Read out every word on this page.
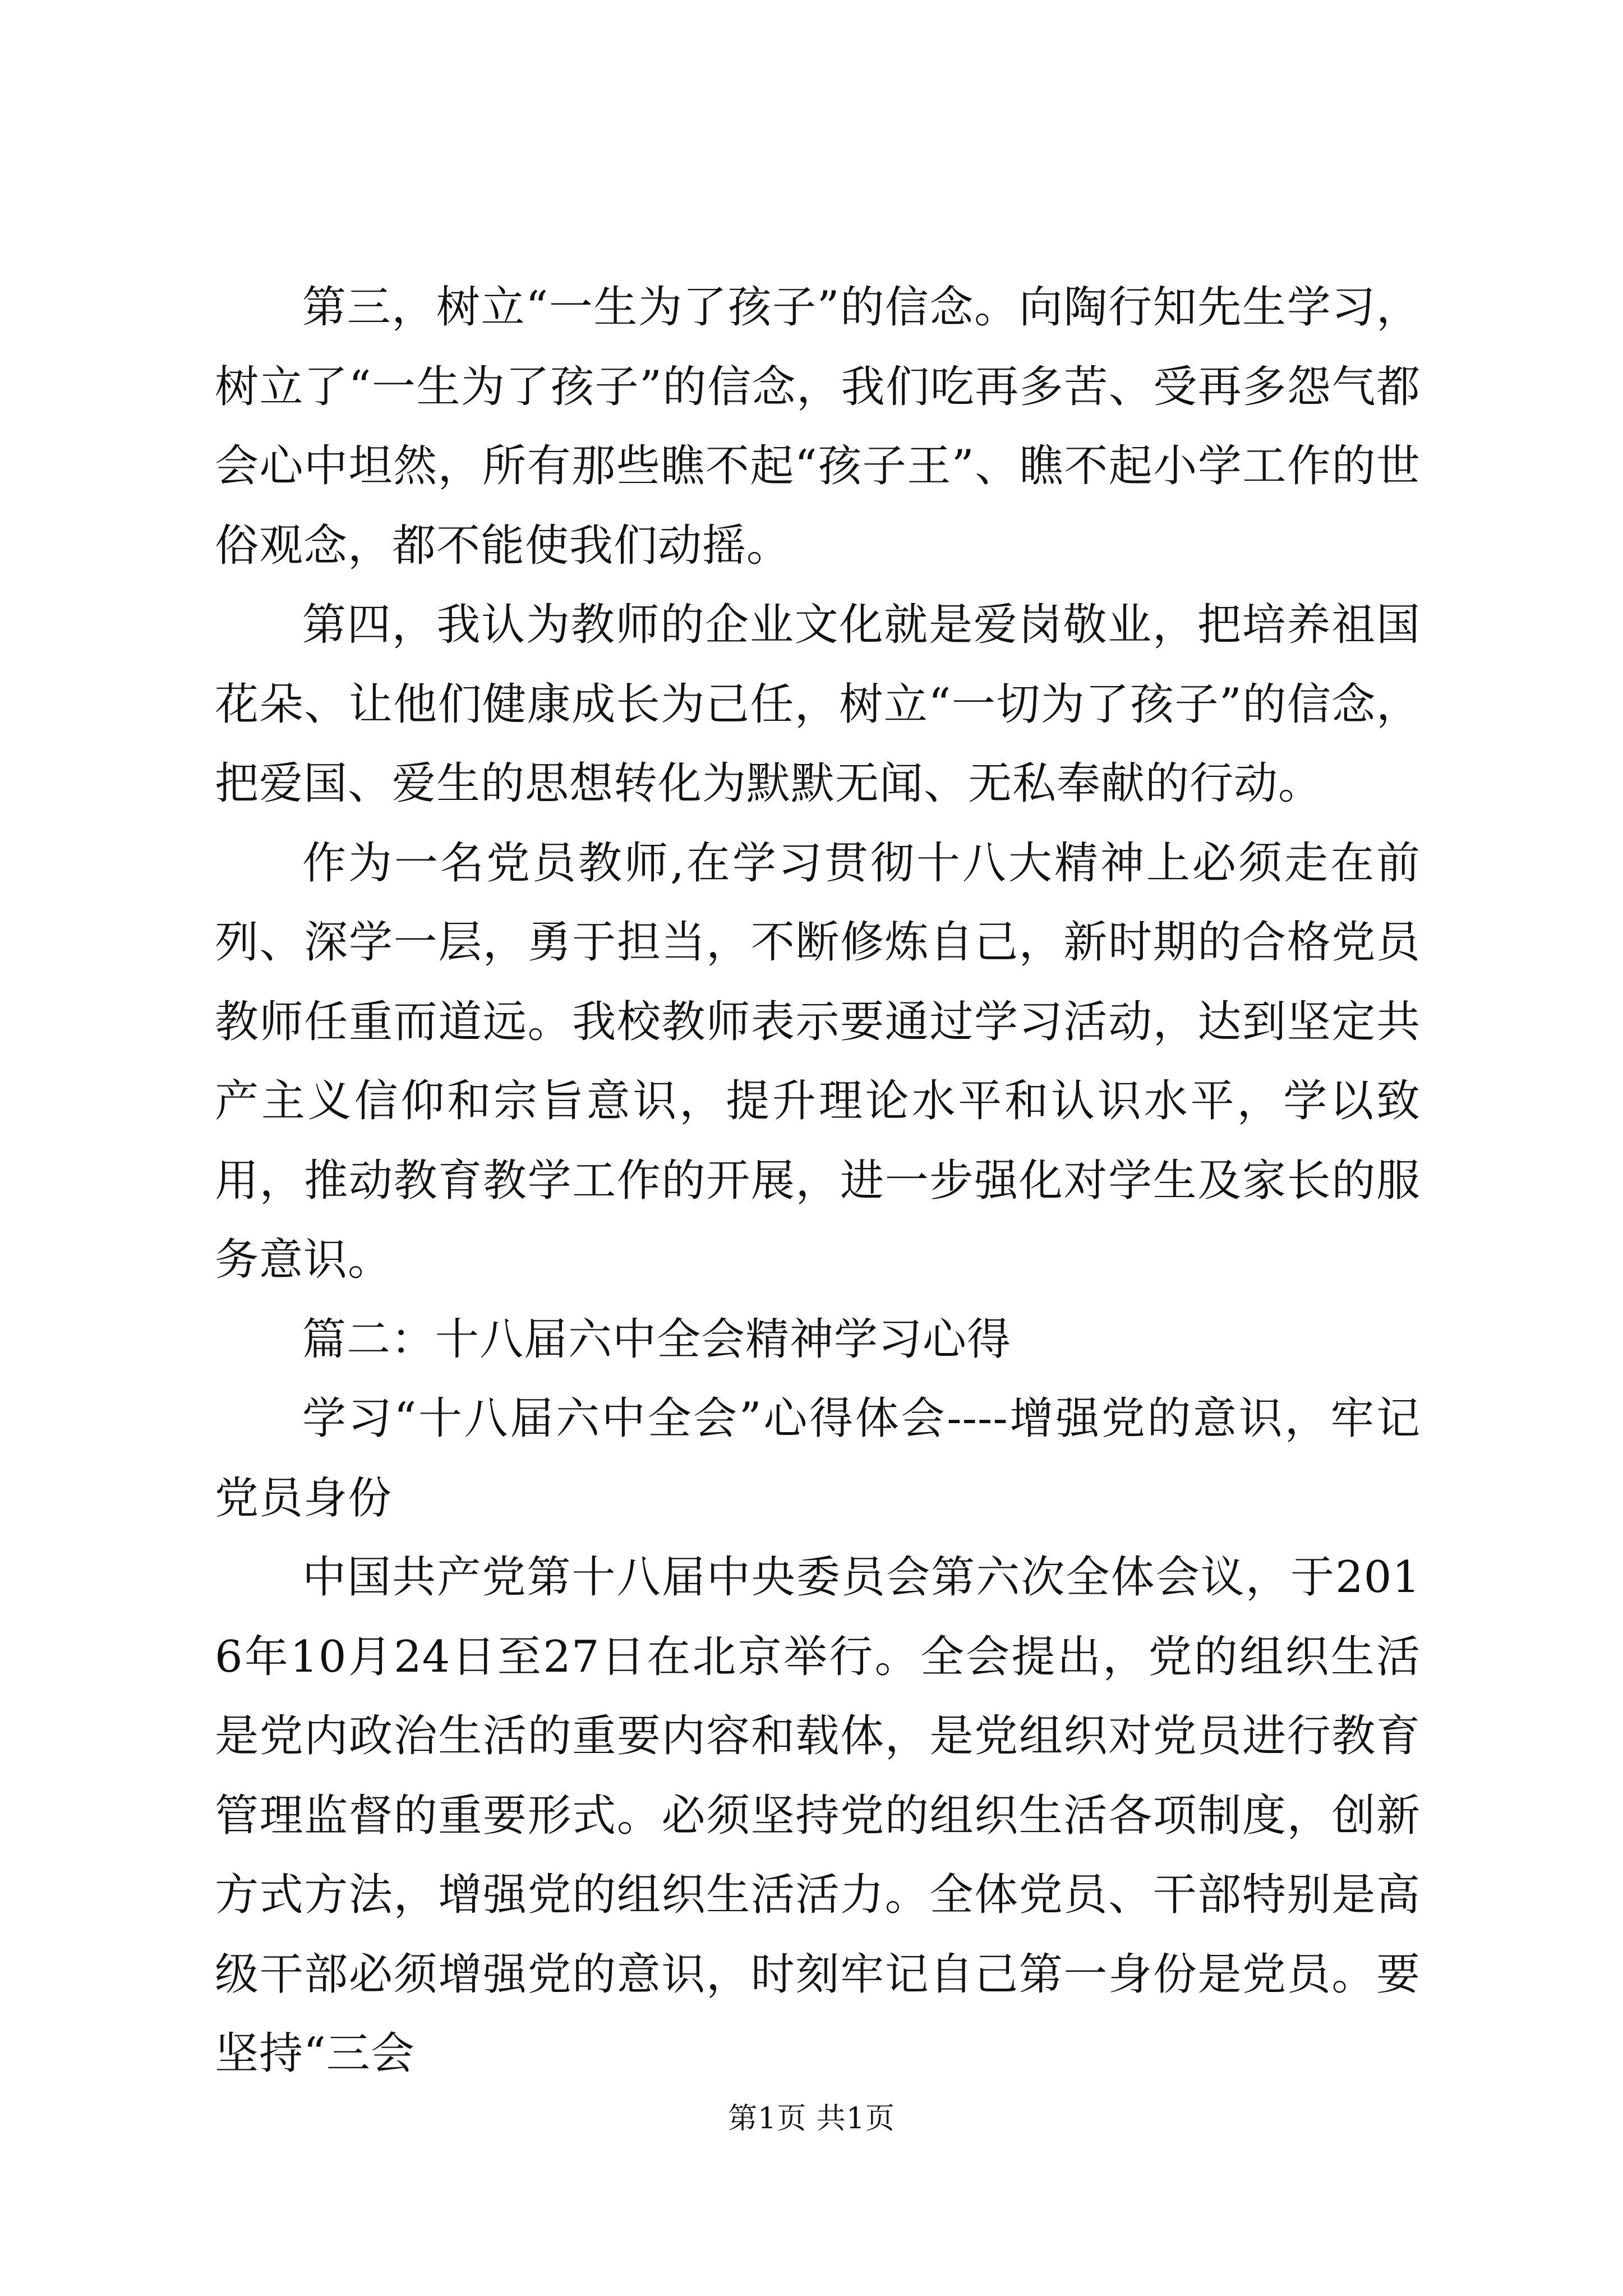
第三，树立“一生为了孩子”的信念。向陶行知先生学习，树立了“一生为了孩子”的信念，我们吃再多苦、受再多怨气都会心中坦然，所有那些瞧不起“孩子王”、瞧不起小学工作的世俗观念，都不能使我们动摇。

第四，我认为教师的企业文化就是爱岗敬业，把培养祖国花朵、让他们健康成长为己任，树立“一切为了孩子”的信念，把爱国、爱生的思想转化为默默无闻、无私奉献的行动。

作为一名党员教师,在学习贯彻十八大精神上必须走在前列、深学一层，勇于担当，不断修炼自己，新时期的合格党员教师任重而道远。我校教师表示要通过学习活动，达到坚定共产主义信仰和宗旨意识，提升理论水平和认识水平，学以致用，推动教育教学工作的开展，进一步强化对学生及家长的服务意识。

篇二：十八届六中全会精神学习心得

学习“十八届六中全会”心得体会----增强党的意识，牢记党员身份

中国共产党第十八届中央委员会第六次全体会议，于2016年10月24日至27日在北京举行。全会提出，党的组织生活是党内政治生活的重要内容和载体，是党组织对党员进行教育管理监督的重要形式。必须坚持党的组织生活各项制度，创新方式方法，增强党的组织生活活力。全体党员、干部特别是高级干部必须增强党的意识，时刻牢记自己第一身份是党员。要坚持“三会

第1页 共1页
